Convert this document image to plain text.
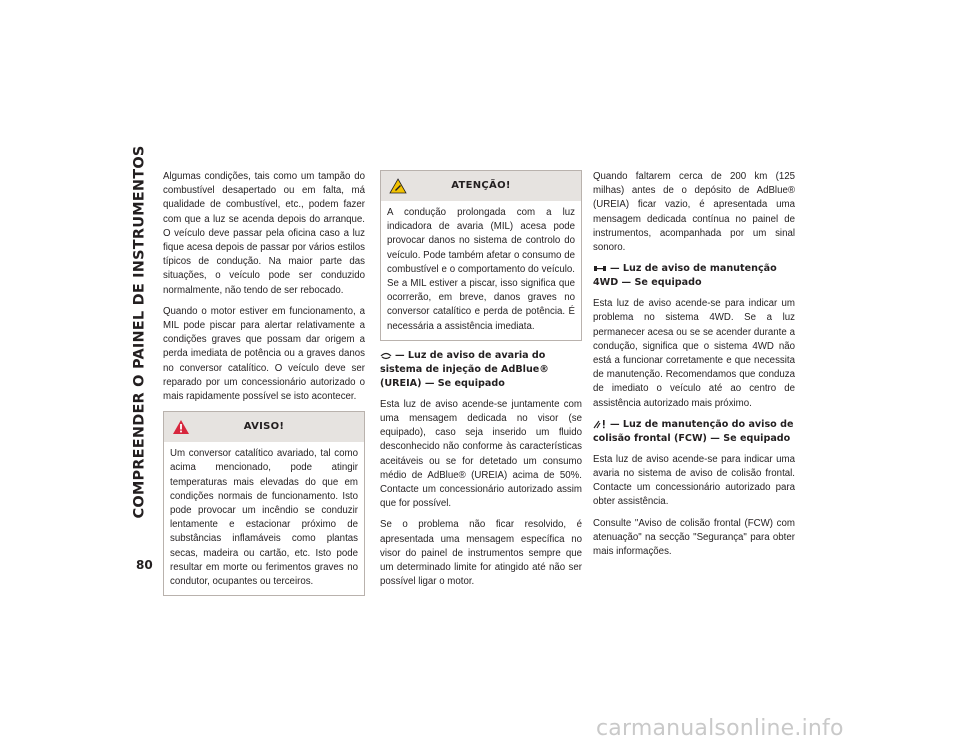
COMPREENDER O PAINEL DE INSTRUMENTOS
80

Algumas condições, tais como um tampão do combustível desapertado ou em falta, má qualidade de combustível, etc., podem fazer com que a luz se acenda depois do arranque. O veículo deve passar pela oficina caso a luz fique acesa depois de passar por vários estilos típicos de condução. Na maior parte das situações, o veículo pode ser conduzido normalmente, não tendo de ser rebocado.

Quando o motor estiver em funcionamento, a MIL pode piscar para alertar relativamente a condições graves que possam dar origem a perda imediata de potência ou a graves danos no conversor catalítico. O veículo deve ser reparado por um concessionário autorizado o mais rapidamente possível se isto acontecer.

AVISO!

Um conversor catalítico avariado, tal como acima mencionado, pode atingir temperaturas mais elevadas do que em condições normais de funcionamento. Isto pode provocar um incêndio se conduzir lentamente e estacionar próximo de substâncias inflamáveis como plantas secas, madeira ou cartão, etc. Isto pode resultar em morte ou ferimentos graves no condutor, ocupantes ou terceiros.

ATENÇÃO!

A condução prolongada com a luz indicadora de avaria (MIL) acesa pode provocar danos no sistema de controlo do veículo. Pode também afetar o consumo de combustível e o comportamento do veículo. Se a MIL estiver a piscar, isso significa que ocorrerão, em breve, danos graves no conversor catalítico e perda de potência. É necessária a assistência imediata.

— Luz de aviso de avaria do sistema de injeção de AdBlue® (UREIA) — Se equipado

Esta luz de aviso acende-se juntamente com uma mensagem dedicada no visor (se equipado), caso seja inserido um fluido desconhecido não conforme às características aceitáveis ou se for detetado um consumo médio de AdBlue® (UREIA) acima de 50%. Contacte um concessionário autorizado assim que for possível.

Se o problema não ficar resolvido, é apresentada uma mensagem específica no visor do painel de instrumentos sempre que um determinado limite for atingido até não ser possível ligar o motor.

Quando faltarem cerca de 200 km (125 milhas) antes de o depósito de AdBlue® (UREIA) ficar vazio, é apresentada uma mensagem dedicada contínua no painel de instrumentos, acompanhada por um sinal sonoro.

— Luz de aviso de manutenção 4WD — Se equipado

Esta luz de aviso acende-se para indicar um problema no sistema 4WD. Se a luz permanecer acesa ou se se acender durante a condução, significa que o sistema 4WD não está a funcionar corretamente e que necessita de manutenção. Recomendamos que conduza de imediato o veículo até ao centro de assistência autorizado mais próximo.

— Luz de manutenção do aviso de colisão frontal (FCW) — Se equipado

Esta luz de aviso acende-se para indicar uma avaria no sistema de aviso de colisão frontal. Contacte um concessionário autorizado para obter assistência.

Consulte "Aviso de colisão frontal (FCW) com atenuação" na secção "Segurança" para obter mais informações.

carmanualsonline.info
